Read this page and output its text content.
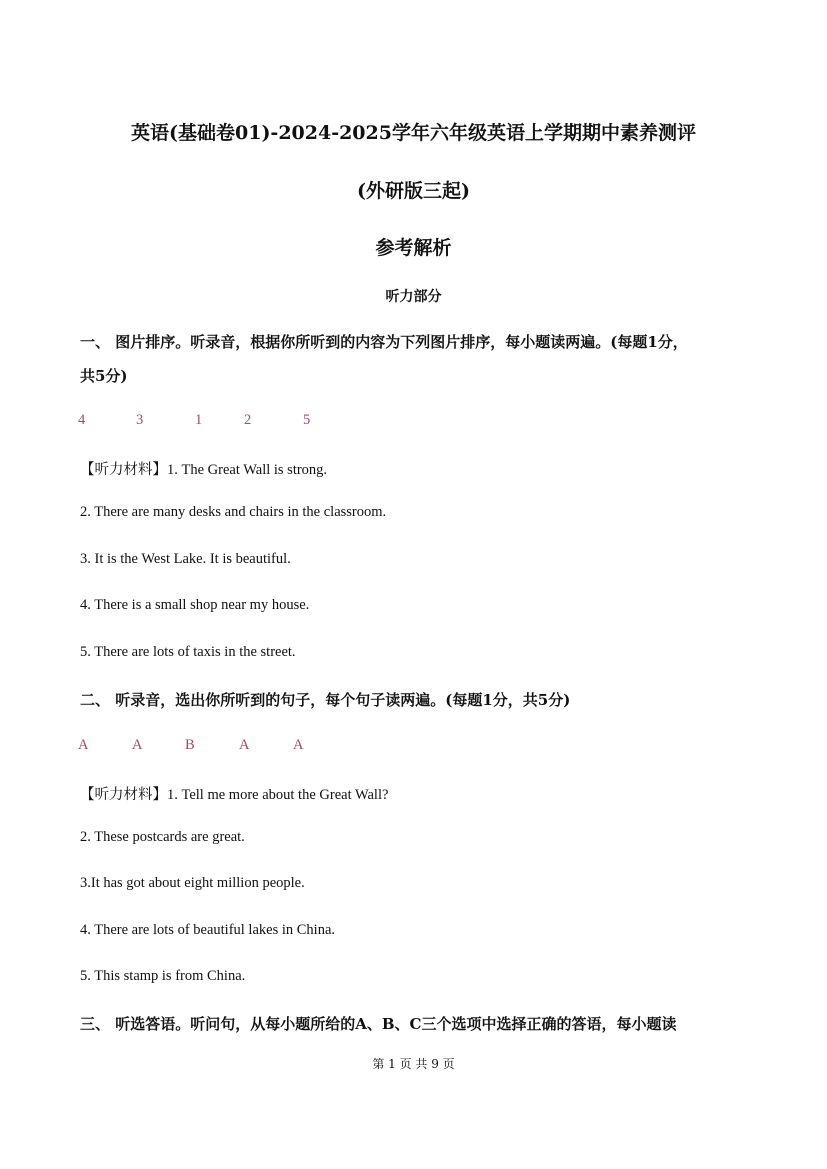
英语(基础卷01)-2024-2025学年六年级英语上学期期中素养测评
(外研版三起)
参考解析
听力部分
一、 图片排序。听录音，根据你所听到的内容为下列图片排序，每小题读两遍。(每题1分，
共5分)
4	3	1	2	5
【听力材料】1. The Great Wall is strong.
2. There are many desks and chairs in the classroom.
3. It is the West Lake. It is beautiful.
4. There is a small shop near my house.
5. There are lots of taxis in the street.
二、 听录音，选出你所听到的句子，每个句子读两遍。(每题1分，共5分)
A	A	B	A	A
【听力材料】1. Tell me more about the Great Wall?
2. These postcards are great.
3.It has got about eight million people.
4. There are lots of beautiful lakes in China.
5. This stamp is from China.
三、 听选答语。听问句，从每小题所给的A、B、C三个选项中选择正确的答语，每小题读
第 1 页 共 9 页
